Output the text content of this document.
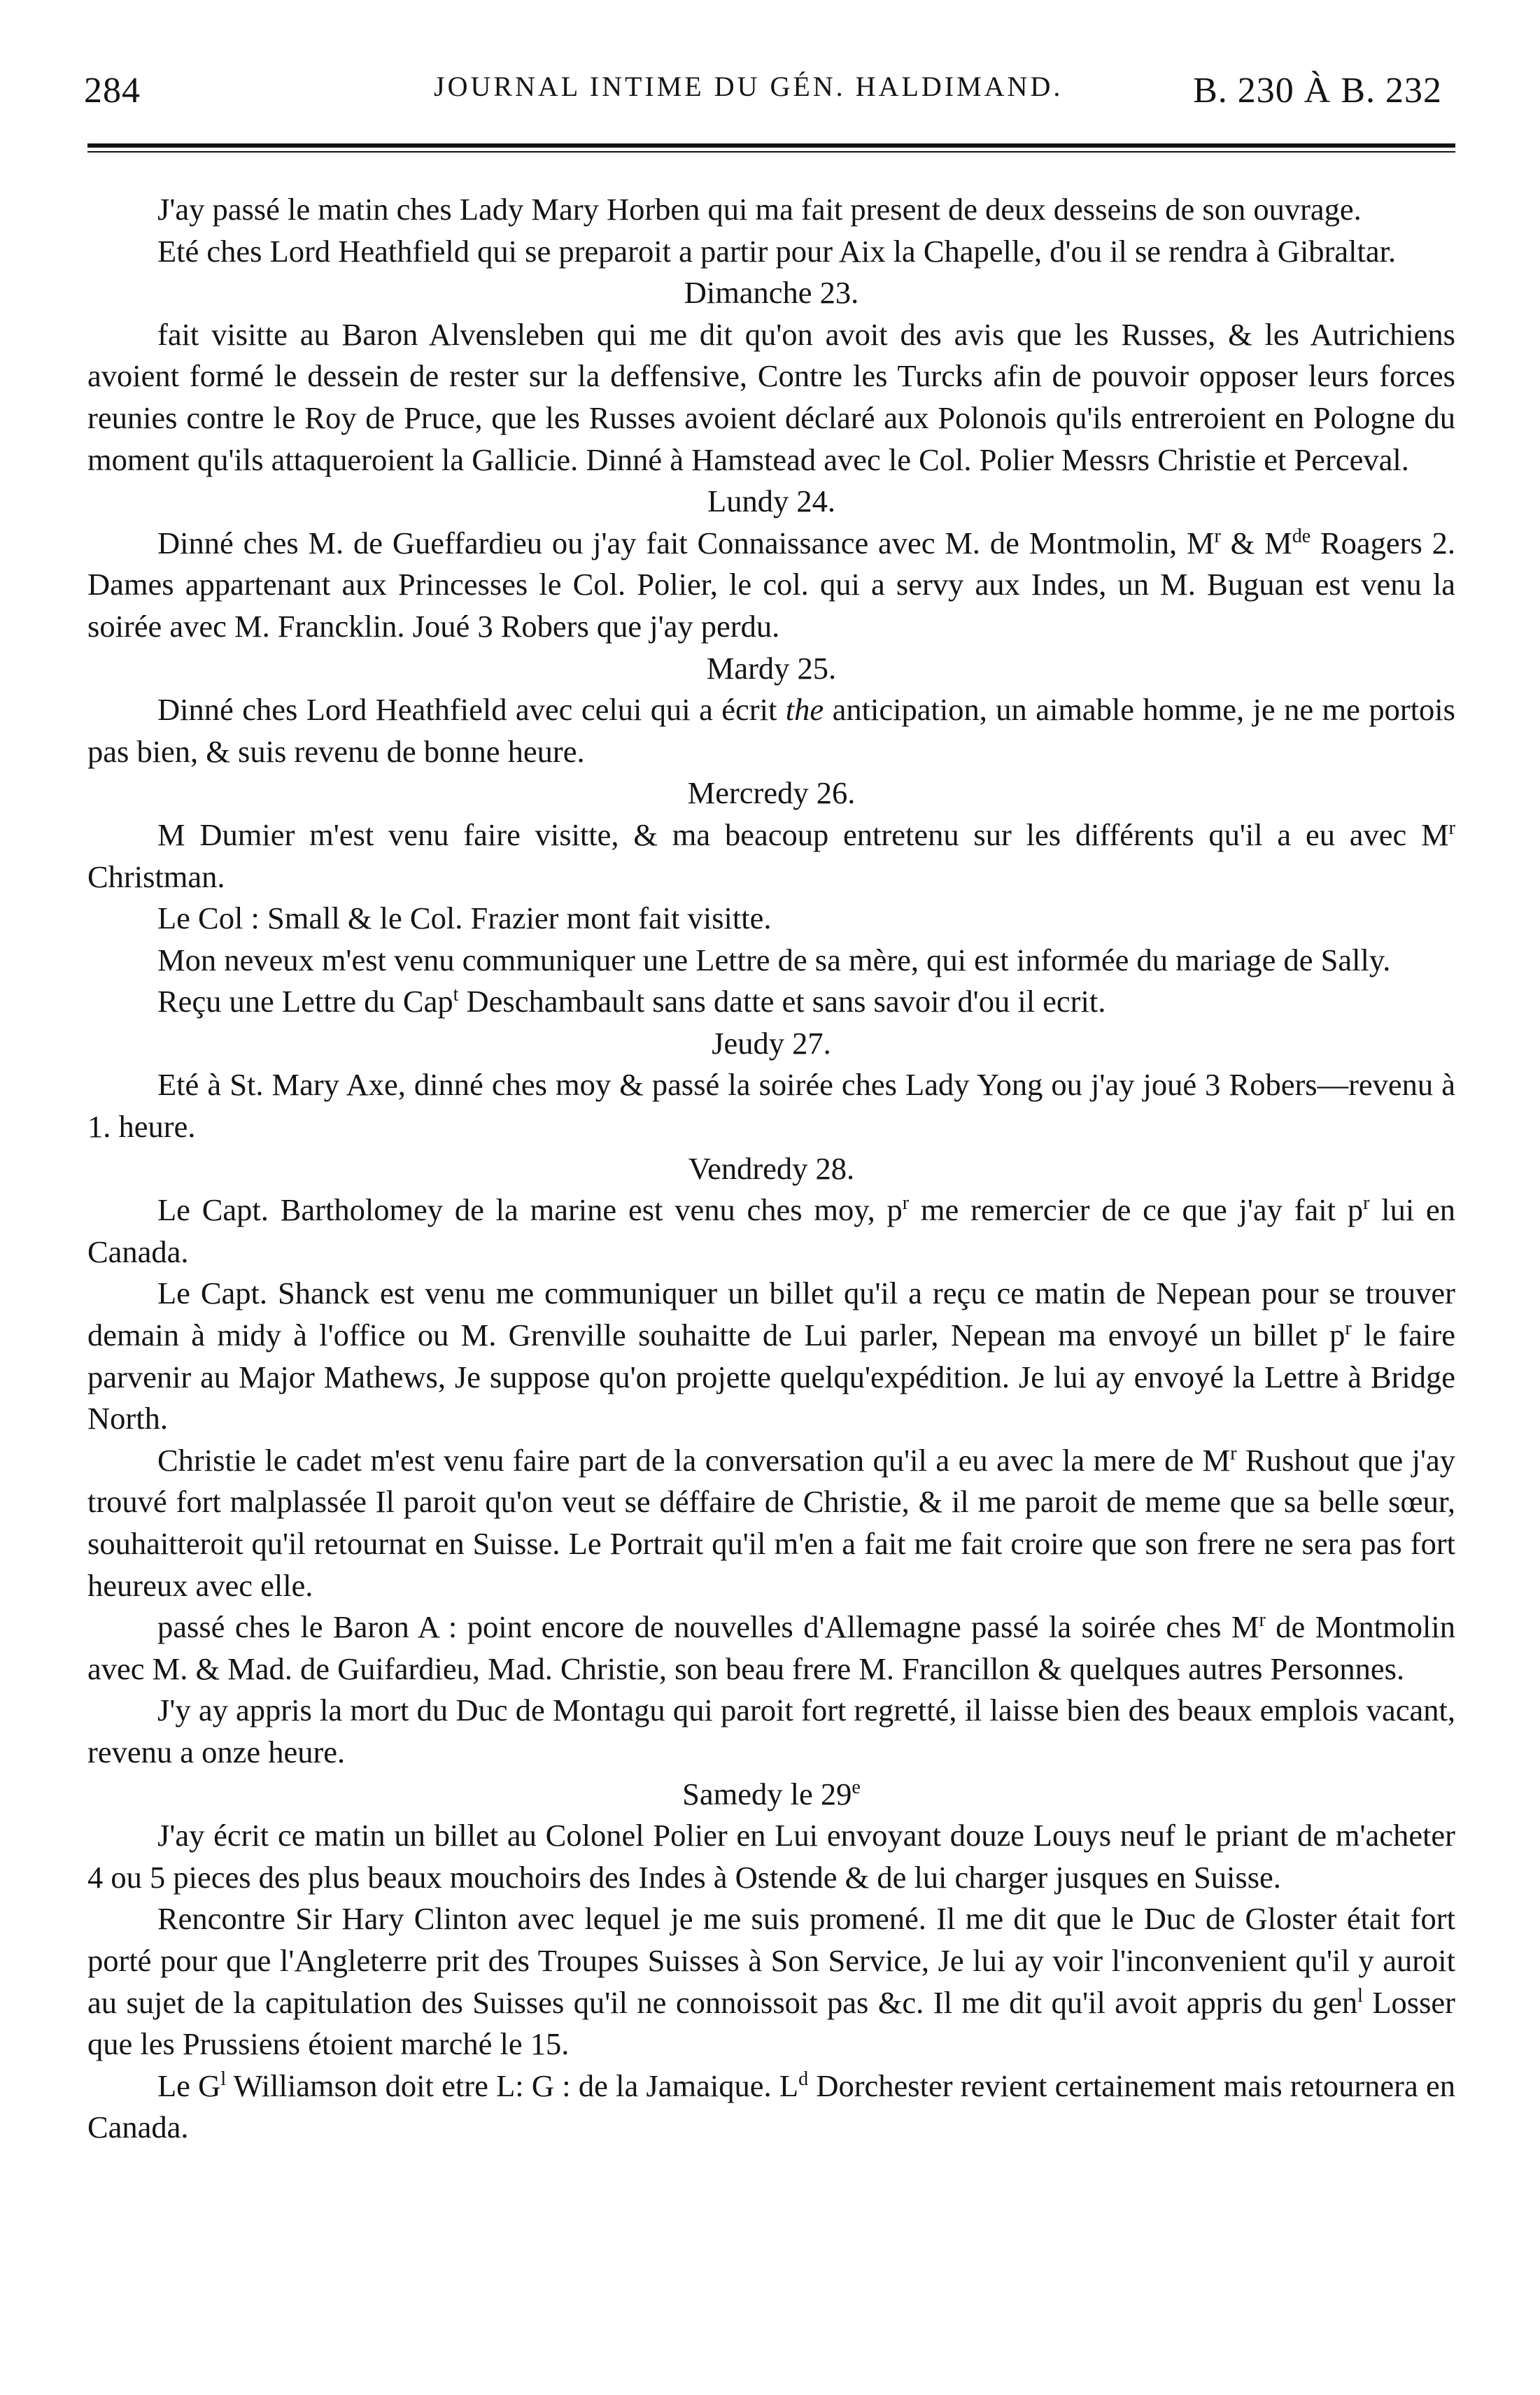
284	JOURNAL INTIME DU GÉN. HALDIMAND.	B. 230 À B. 232

J'ay passé le matin ches Lady Mary Horben qui ma fait present de deux desseins de son ouvrage.

Eté ches Lord Heathfield qui se preparoit a partir pour Aix la Chapelle, d'ou il se rendra à Gibraltar.

Dimanche 23.

fait visitte au Baron Alvensleben qui me dit qu'on avoit des avis que les Russes, & les Autrichiens avoient formé le dessein de rester sur la deffensive, Contre les Turcks afin de pouvoir opposer leurs forces reunies contre le Roy de Pruce, que les Russes avoient déclaré aux Polonois qu'ils entreroient en Pologne du moment qu'ils attaqueroient la Gallicie. Dinné à Hamstead avec le Col. Polier Messrs Christie et Perceval.

Lundy 24.

Dinné ches M. de Gueffardieu ou j'ay fait Connaissance avec M. de Montmolin, $M^r$ & Mde Roagers 2. Dames appartenant aux Princesses le Col. Polier, le col. qui a servy aux Indes, un M. Buguan est venu la soirée avec M. Francklin. Joué 3 Robers que j'ay perdu.

Mardy 25.

Dinné ches Lord Heathfield avec celui qui a écrit the anticipation, un aimable homme, je ne me portois pas bien, & suis revenu de bonne heure.

Mercredy 26.

M Dumier m'est venu faire visitte, & ma beacoup entretenu sur les différents qu'il a eu avec $M^r$ Christman.

Le Col : Small & le Col. Frazier mont fait visitte.

Mon neveux m'est venu communiquer une Lettre de sa mère, qui est informée du mariage de Sally.

Reçu une Lettre du Cap$^t$ Deschambault sans datte et sans savoir d'ou il ecrit.

Jeudy 27.

Eté à St. Mary Axe, dinné ches moy & passé la soirée ches Lady Yong ou j'ay joué 3 Robers—revenu à 1. heure.

Vendredy 28.

Le Capt. Bartholomey de la marine est venu ches moy, $p^r$ me remercier de ce que j'ay fait $p^r$ lui en Canada.

Le Capt. Shanck est venu me communiquer un billet qu'il a reçu ce matin de Nepean pour se trouver demain à midy à l'office ou M. Grenville souhaitte de Lui parler, Nepean ma envoyé un billet $p^r$ le faire parvenir au Major Mathews, Je suppose qu'on projette quelqu'expédition. Je lui ay envoyé la Lettre à Bridge North.

Christie le cadet m'est venu faire part de la conversation qu'il a eu avec la mere de $M^r$ Rushout que j'ay trouvé fort malplassée Il paroit qu'on veut se déffaire de Christie, & il me paroit de meme que sa belle sœur, souhaitteroit qu'il retournat en Suisse. Le Portrait qu'il m'en a fait me fait croire que son frere ne sera pas fort heureux avec elle.

passé ches le Baron A : point encore de nouvelles d'Allemagne passé la soirée ches $M^r$ de Montmolin avec M. & Mad. de Guifardieu, Mad. Christie, son beau frere M. Francillon & quelques autres Personnes.

J'y ay appris la mort du Duc de Montagu qui paroit fort regretté, il laisse bien des beaux emplois vacant, revenu a onze heure.

Samedy le 29e

J'ay écrit ce matin un billet au Colonel Polier en Lui envoyant douze Louys neuf le priant de m'acheter 4 ou 5 pieces des plus beaux mouchoirs des Indes à Ostende & de lui charger jusques en Suisse.

Rencontre Sir Hary Clinton avec lequel je me suis promené. Il me dit que le Duc de Gloster était fort porté pour que l'Angleterre prit des Troupes Suisses à Son Service, Je lui ay voir l'inconvenient qu'il y auroit au sujet de la capitulation des Suisses qu'il ne connoissoit pas &c. Il me dit qu'il avoit appris du gen$^l$ Losser que les Prussiens étoient marché le 15.

Le $G^l$ Williamson doit etre L: G : de la Jamaique. $L^d$ Dorchester revient certainement mais retournera en Canada.
